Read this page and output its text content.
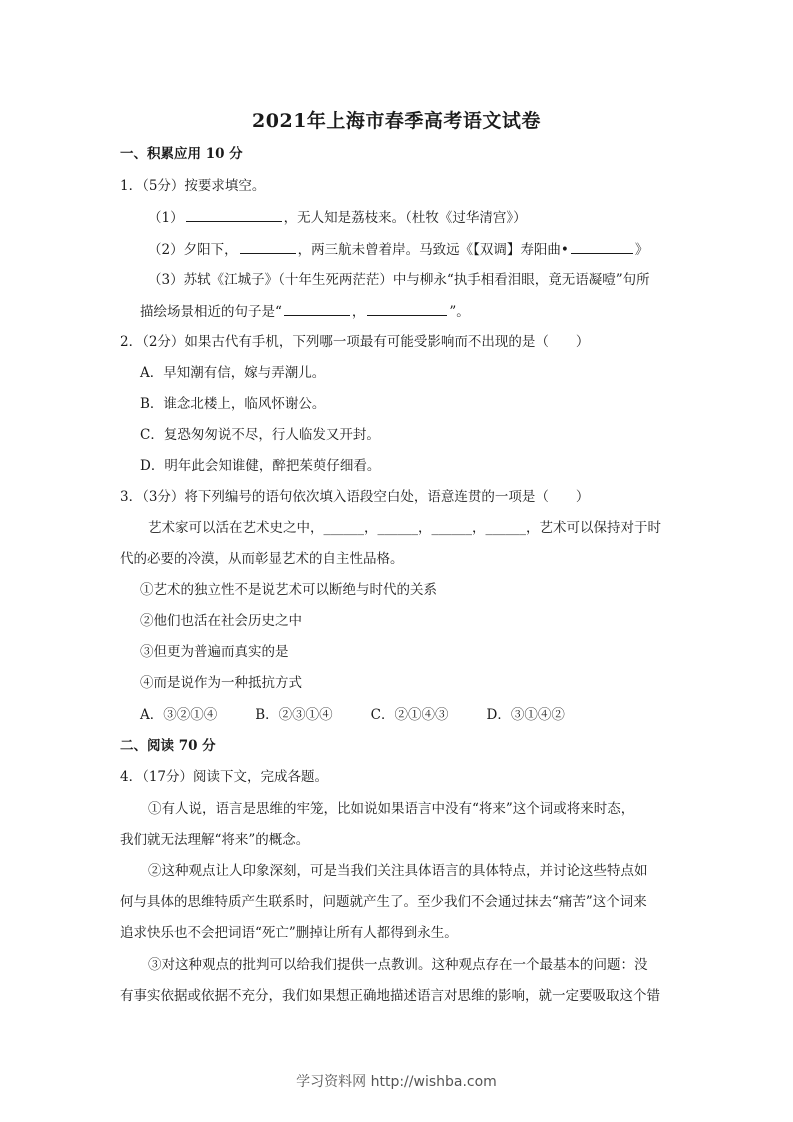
2021年上海市春季高考语文试卷
一、积累应用 10 分
1．（5分）按要求填空。
（1）	，无人知是荔枝来。（杜牧《过华清宫》）
（2）夕阳下，	，两三航未曾着岸。马致远《【双调】寿阳曲•	》
（3）苏轼《江城子》（十年生死两茫茫）中与柳永“执手相看泪眼，竟无语凝噎”句所
描绘场景相近的句子是“	，	”。
2．（2分）如果古代有手机，下列哪一项最有可能受影响而不出现的是（　　）
A．早知潮有信，嫁与弄潮儿。
B．谁念北楼上，临风怀谢公。
C．复恐匆匆说不尽，行人临发又开封。
D．明年此会知谁健，醉把茱萸仔细看。
3．（3分）将下列编号的语句依次填入语段空白处，语意连贯的一项是（　　）
艺术家可以活在艺术史之中，______，______，______，______，艺术可以保持对于时
代的必要的冷漠，从而彰显艺术的自主性品格。
①艺术的独立性不是说艺术可以断绝与时代的关系
②他们也活在社会历史之中
③但更为普遍而真实的是
④而是说作为一种抵抗方式
A．③②①④	B．②③①④	C．②①④③	D．③①④②
二、阅读 70 分
4．（17分）阅读下文，完成各题。
①有人说，语言是思维的牢笼，比如说如果语言中没有“将来”这个词或将来时态，
我们就无法理解“将来”的概念。
②这种观点让人印象深刻，可是当我们关注具体语言的具体特点，并讨论这些特点如
何与具体的思维特质产生联系时，问题就产生了。至少我们不会通过抹去“痛苦”这个词来
追求快乐也不会把词语“死亡”删掉让所有人都得到永生。
③对这种观点的批判可以给我们提供一点教训。这种观点存在一个最基本的问题：没
有事实依据或依据不充分，我们如果想正确地描述语言对思维的影响，就一定要吸取这个错
学习资料网 http://wishba.com
